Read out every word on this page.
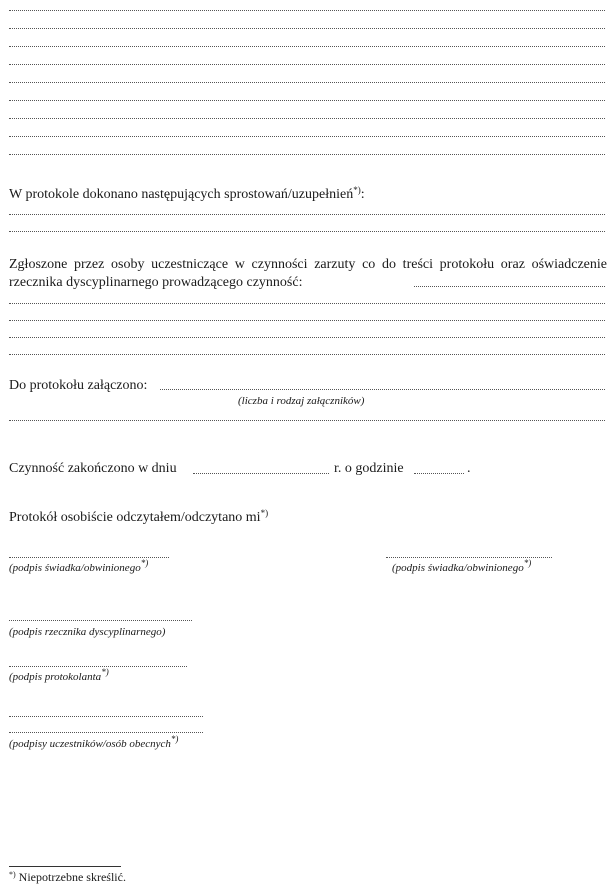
W protokole dokonano następujących sprostowań/uzupełnień*):
Zgłoszone przez osoby uczestniczące w czynności zarzuty co do treści protokołu oraz oświadczenie rzecznika dyscyplinarnego prowadzącego czynność:
Do protokołu załączono:
(liczba i rodzaj załączników)
Czynność zakończono w dniu	r. o godzinie	.
Protokół osobiście odczytałem/odczytano mi*)
(podpis świadka/obwinionego*)	(podpis świadka/obwinionego*)
(podpis rzecznika dyscyplinarnego)
(podpis protokolanta*)
(podpisy uczestników/osób obecnych*)
*) Niepotrzebne skreślić.
